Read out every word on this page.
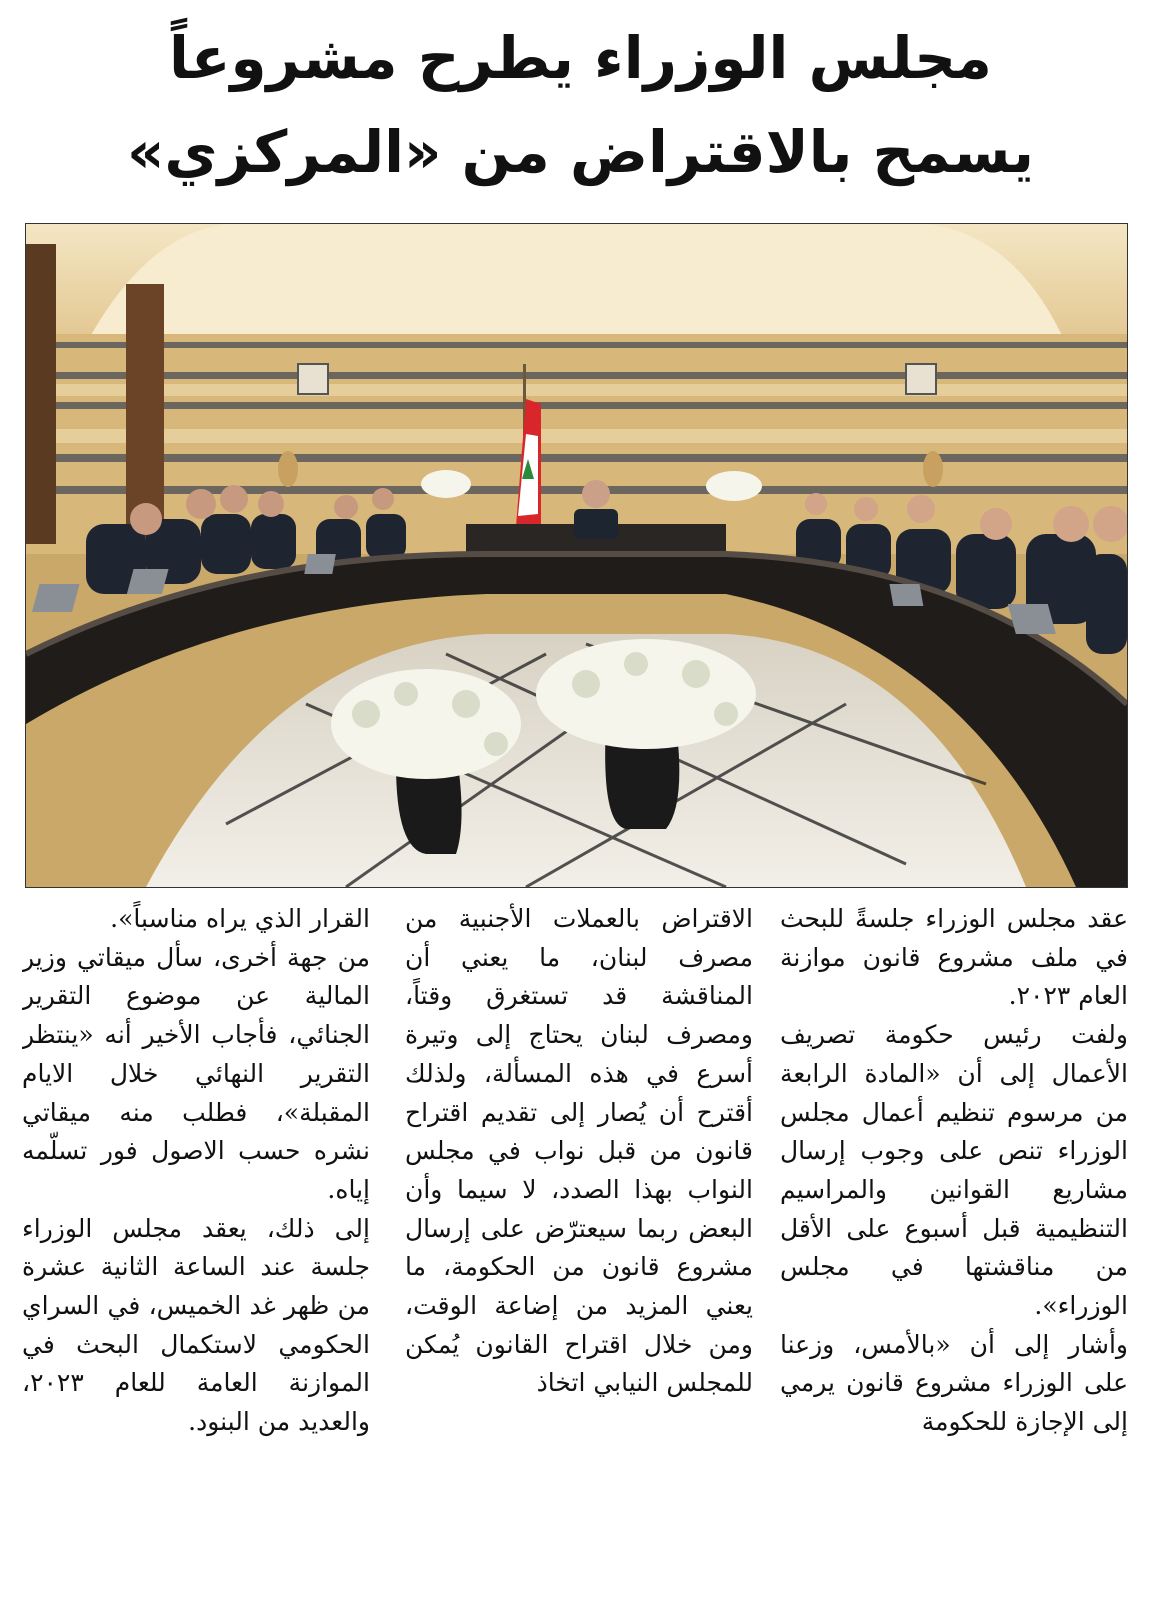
مجلس الوزراء يطرح مشروعاً
يسمح بالاقتراض من «المركزي»

عقد مجلس الوزراء جلسةً للبحث في ملف مشروع قانون موازنة العام ٢٠٢٣.

ولفت رئيس حكومة تصريف الأعمال إلى أن «المادة الرابعة من مرسوم تنظيم أعمال مجلس الوزراء تنص على وجوب إرسال مشاريع القوانين والمراسيم التنظيمية قبل أسبوع على الأقل من مناقشتها في مجلس الوزراء».

وأشار إلى أن «بالأمس، وزعنا على الوزراء مشروع قانون يرمي إلى الإجازة للحكومة

الاقتراض بالعملات الأجنبية من مصرف لبنان، ما يعني أن المناقشة قد تستغرق وقتاً، ومصرف لبنان يحتاج إلى وتيرة أسرع في هذه المسألة، ولذلك أقترح أن يُصار إلى تقديم اقتراح قانون من قبل نواب في مجلس النواب بهذا الصدد، لا سيما وأن البعض ربما سيعترّض على إرسال مشروع قانون من الحكومة، ما يعني المزيد من إضاعة الوقت، ومن خلال اقتراح القانون يُمكن للمجلس النيابي اتخاذ

القرار الذي يراه مناسباً».

من جهة أخرى، سأل ميقاتي وزير المالية عن موضوع التقرير الجنائي، فأجاب الأخير أنه «ينتظر التقرير النهائي خلال الايام المقبلة»، فطلب منه ميقاتي نشره حسب الاصول فور تسلّمه إياه.

إلى ذلك، يعقد مجلس الوزراء جلسة عند الساعة الثانية عشرة من ظهر غد الخميس، في السراي الحكومي لاستكمال البحث في الموازنة العامة للعام ٢٠٢٣، والعديد من البنود.
